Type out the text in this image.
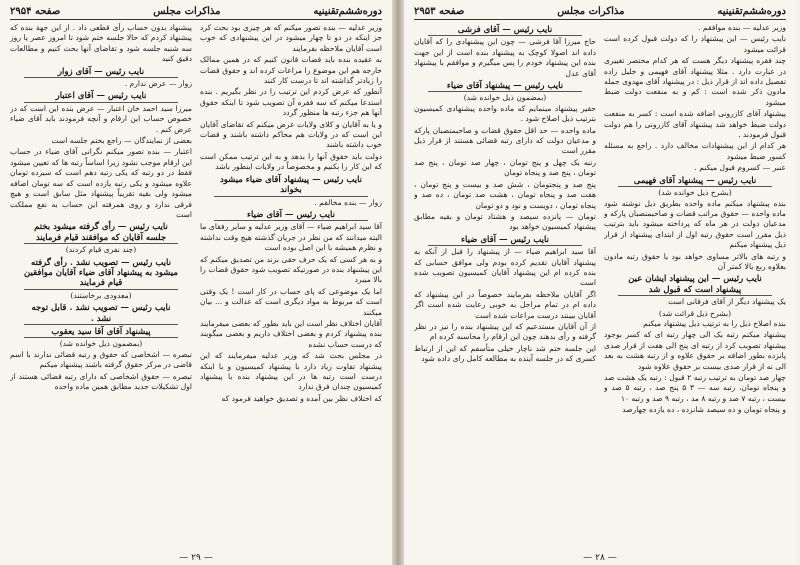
دوره‌ششم‌تقنینیه
مذاکرات مجلس
صفحه ۲۹۵۴

وزیر عدلیه — بنده تصور میکنم که هر چیزی بود بحث کرد جز اینکه در دو تا چهار میشود در این پیشنهادی که خوب است آقایان ملاحظه بفرمایند

به عقیده بنده باید قضات قانون کنیم که در همین ممالک خارجه هم این موضوع را مراعات کرده اند و حقوق قضات را زیادتر گذاشته اند تا درست کار کنند

آنطور که عرض کردم این ترتیب را در نظر بگیریم . بنده استدعا میکنم که سه فقره آن تصویب شود تا اینکه حقوق آنها هم جزء رتبه ها منظور گردد

و یا به آقایان و کلای ولایات عرض میکنم که تقاضای آقایان این است که در ولایات هم محاکم داشته باشند و قضات خوب داشته باشند

دولت باید حقوق آنها را بدهد و به این ترتیب ممکن است که این کار را بکنیم و مخصوصاً در ولایات اینطور باشد

نایب رئیس — پیشنهاد آقای ضیاء میشود بخواند

زوار — بنده مخالفم .

نایب رئیس — آقای ضیاء

آقا سید ابراهیم ضیاء — آقای وزیر عدلیه و سایر رفقای ما البته میدانند که من نظر در جریان گذشته هیچ وقت نداشته و نظرم همیشه با این اصل بوده است

و به هر کسی که یک حرف حقی بزند من تصدیق میکنم که این پیشنهاد بنده در صورتیکه تصویب شود حقوق قضات را بالا میبرد

اما یک موضوعی که پای حساب در کار است ! یک وقتی است که مربوط به مواد دیگری است که عدالت و ... بیان میکنند

آقایان اختلاف نظر است این باید بطور که بعضی میفرمایند بنده پیشنهاد کردم و بعضی اختلاف داریم و بعضی میگویند که درست حساب نشده

در مجلس بحث شد که وزیر عدلیه میفرمایند که این پیشنهاد تفاوت زیاد دارد با پیشنهاد کمیسیون و با اینکه درست است رتبه ها در این پیشنهاد بنده با پیشنهاد کمیسیون چندان فرق ندارد

که اختلاف نظر بین آمده و تصدیق خواهید فرمود که

پیشنهاد بدون حساب رأی قطعی داد . از این جهة بنده که پیشنهاد کردم که حالا جلسه ختم شود تا امروز عصر یا روز سه شنبه جلسه شود و تقاضای آنها بحث کنیم و مطالعات دقیق کنید

نایب رئیس — آقای زوار

زوار — عرض ندارم .

نایب رئیس — آقای اعتبار

میرزا سید احمد خان اعتبار — عرض بنده این است که در خصوص حساب این ارقام و آنچه فرمودند باید آقای ضیاء عرض کنم .

بعضی از نمایندگان — راجع بختم جلسه است

اعتبار — بنده تصور میکنم نگرانی آقای ضیاء در حساب این ارقام موجب نشود زیرا اساساً رتبه ها که تعیین میشود فقط در دو رتبه که یکی رتبه دهم است که سیزده تومان علاوه میشود و یکی رتبه یازده است که سه تومان اضافه میشود ولی بقیه تقریباً پیشنهاد مثل سابق است و هیچ فرقی ندارد و روی همرفته این حساب به نفع مملکت است

نایب رئیس — رأی گرفته میشود بختم جلسه آقایان که موافقند قیام فرمایند
(چند نفری قیام کردند)
نایب رئیس — تصویب نشد . رأی گرفته میشود به پیشنهاد آقای ضیاء آقایان موافقین قیام فرمایند
(معدودی برخاستند)
نایب رئیس — تصویب نشد . قابل توجه نشد .
پیشنهاد آقای آقا سید یعقوب
(بمضمون ذیل خوانده شد)

تبصره — اشخاصی که حقوق و رتبه قضائی ندارند با اسم قاضی در مرکز حقوق گرفته باشند پیشنهاد میکنم

تبصره — حقوق اشخاصی که دارای رتبه قضائی هستند از اول تشکیلات جدید مطابق همین ماده واحده

— ۲۹ —
دوره‌ششم‌تقنینیه
مذاکرات مجلس
صفحه ۲۹۵۳

وزیر عدلیه — بنده موافقم .

نایب رئیس — این پیشنهاد را که دولت قبول کرده است قرائت میشود

چند فقره پیشنهاد دیگر هست که هر کدام مختصر تغییری در عبارت دارد . مثلا پیشنهاد آقای فهیمی و خلیل زاده تفصیل داده اند از قرار ذیل : در پیشنهاد آقای مهدوی جمله مادون ذکر شده است : کم و به منفعت دولت ضبط میشود

پیشنهاد آقای کازرونی اضافه شده است : کسر به منفعت دولت ضبط خواهد شد پیشنهاد آقای کازرونی را هم دولت قبول فرمودند .

هر کدام از این پیشنهادات مخالف دارد . راجع به مسئله کسور ضبط میشود

عنبر — کسروم قبول میکنم .

نایب رئیس — پیشنهاد آقای فهیمی
(بشرح ذیل خوانده شد)

بنده پیشنهاد میکنم ماده واحده بطریق ذیل نوشته شود ماده واحده — حقوق مراتب قضات و صاحبمنصبان پارکه و مدعیان دولت در هر ماه که پرداخته میشود باید بترتیب ذیل مقرر است حقوق رتبه اول از ابتدای پیشنهاد از قرار ذیل پیشنهاد میکنم

و رتبه های بالاتر مساوی خواهد بود یا حقوق رتبه مادون بعلاوه ربع بالا کمتر آن

نایب رئیس — این پیشنهاد ایشان عین پیشنهاد است که قبول شد

یک پیشنهاد دیگر از آقای فرقانی است

(بشرح ذیل قرائت شد)

بنده اصلاح ذیل را به ترتیب ذیل پیشنهاد میکنم

پیشنهاد میکنم رتبه یک الی چهار رتبه ای که کسر بوجود پیشنهاد تصویب کرد از رتبه ای پنج الی هفت از قرار صدی پانزده بطور اضافه بر حقوق علاوه و از رتبه هشت به بعد الی نه از قرار صدی بیست بر حقوق علاوه شود

چهار صد تومان به ترتیب رتبه ۲ قبول : رتبه یک هشت صد و پنجاه تومان، رتبه سه — ۳ ۵ پنج صد ، رتبه ۵ صد و بیست ، رتبه ۷ صد و رتبه ۸ مد ، رتبه ۹ صد و رتبه ۱۰

و پنجاه تومان و ده سیصد شانزده ، ده یازده چهارصد

نایب رئیس — آقای فرشی

حاج میرزا آقا فرشی — چون این پیشنهادی را که آقایان داده اند اصولا کوچک به پیشنهاد بنده است از این جهت بنده این پیشنهاد خودم را پس میگیرم و موافقم با پیشنهاد آقای عدل

نایب رئیس — پیشنهاد آقای ضیاء
(بمضمون ذیل خوانده شد)

حقیر پیشنهاد مینمایم که ماده واحده پیشنهادی کمیسیون بترتیب ذیل اصلاح شود .

ماده واحده — حد اقل حقوق قضات و صاحبمنصبان پارکه و مدعیان دولت که دارای رتبه قضائی هستند از قرار ذیل مقرر است

رتبه یک چهل و پنج تومان ، چهار صد تومان ، پنج صد تومان ، پنج صد و پنجاه تومان

پنج صد و پنجتومان ، شش صد و بیست و پنج تومان ، هفت صد و پنجاه تومان ، هشت صد تومان ، ده صد و پنجاه تومان ، دویست و نود و دو تومان

تومان — پانزده سیصد و هشتاد تومان و بقیه مطابق پیشنهاد کمیسیون خواهد بود

نایب رئیس — آقای ضیاء

آقا سید ابراهیم ضیاء — از پیشنهاد را قبل از آنکه به پیشنهاد آقایان تقدیم کرده بودم ولی موافق حسابی که بنده کرده ام این پیشنهاد آقایان کمیسیون تصویب شده است

اگر آقایان ملاحظه بفرمایند خصوصاً در این پیشنهاد که داده ام در تمام مراحل به خوبی رعایت شده است اگر آقایان ببینند درست مراعات شده است

از آن آقایان مستدعیم که این پیشنهاد بنده را نیز در نظر گرفته و رأی بدهند چون این ارقام را محاسبه کرده ام

این جلسه ختم شد ناچار خیلی متأسفم که این از ارتباط کسری که در جلسه آینده به مطالعه کامل رای داده شود

— ۲۸ —
